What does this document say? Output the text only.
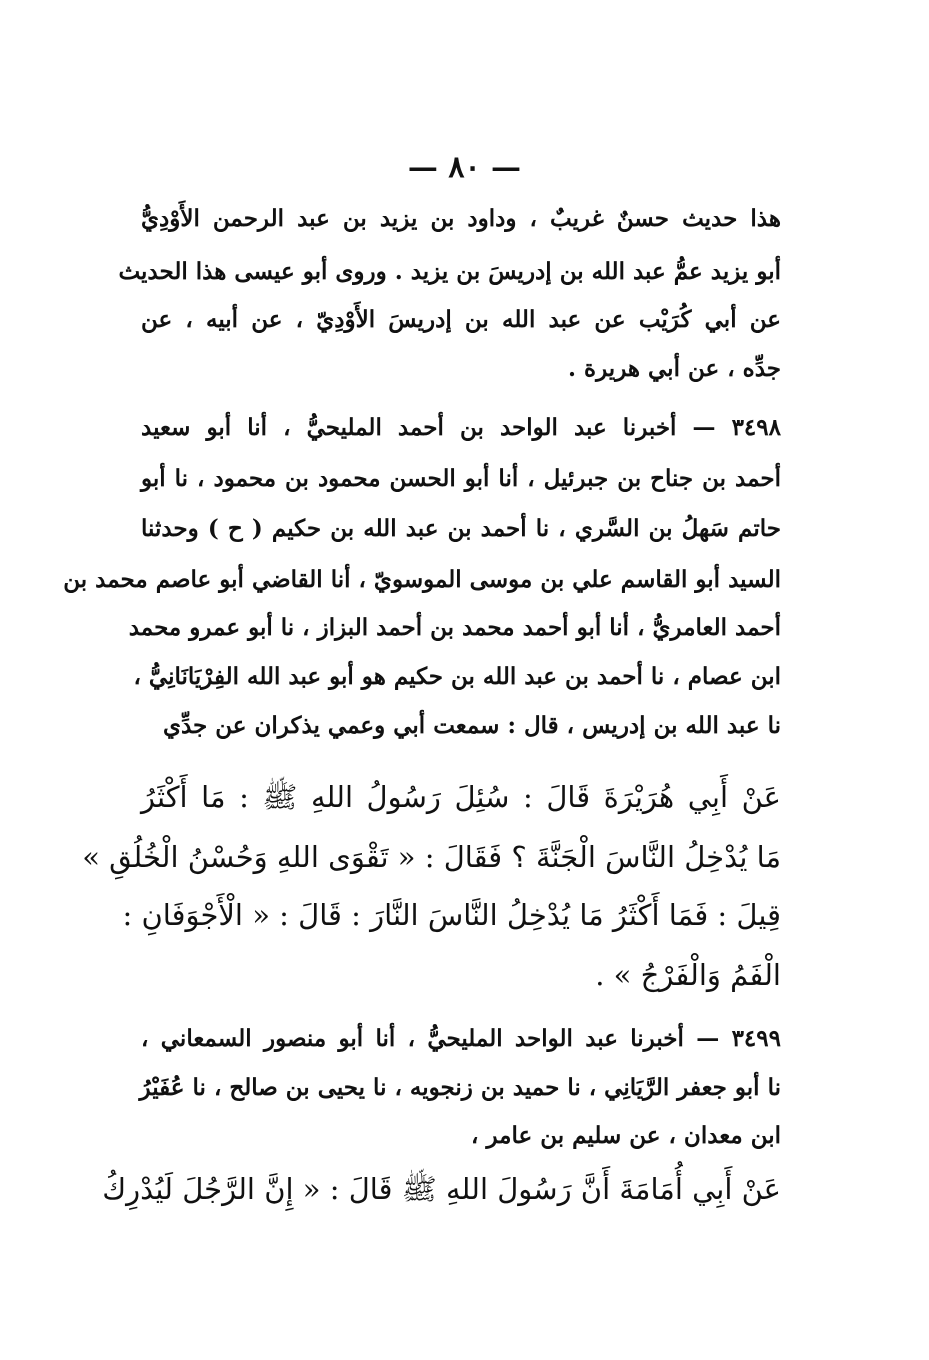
— ٨٠ —
هذا حديث حسنٌ غريبٌ ، وداود بن يزيد بن عبد الرحمن الأَوْدِيُّ
أبو يزيد عمُّ عبد الله بن إدريسَ بن يزيد . وروى أبو عيسى هذا الحديث
عن أبي كُرَيْب عن عبد الله بن إدريسَ الأَوْدِيّ ، عن أبيه ، عن
جدِّه ، عن أبي هريرة .
٣٤٩٨ — أخبرنا عبد الواحد بن أحمد المليحيُّ ، أنا أبو سعيد
أحمد بن جناح بن جبرئيل ، أنا أبو الحسن محمود بن محمود ، نا أبو
حاتم سَهلُ بن السَّري ، نا أحمد بن عبد الله بن حكيم ( ح ) وحدثنا
السيد أبو القاسم علي بن موسى الموسويّ ، أنا القاضي أبو عاصم محمد بن
أحمد العامريُّ ، أنا أبو أحمد محمد بن أحمد البزاز ، نا أبو عمرو محمد
ابن عصام ، نا أحمد بن عبد الله بن حكيم هو أبو عبد الله الفِرْيَانَانِيُّ ،
نا عبد الله بن إدريس ، قال : سمعت أبي وعمي يذكران عن جدِّي
عَنْ أَبِي هُرَيْرَةَ قَالَ : سُئِلَ رَسُولُ اللهِ ﷺ : مَا أَكْثَرُ
مَا يُدْخِلُ النَّاسَ الْجَنَّةَ ؟ فَقَالَ : « تَقْوَى اللهِ وَحُسْنُ الْخُلُقِ »
قِيلَ : فَمَا أَكْثَرُ مَا يُدْخِلُ النَّاسَ النَّارَ : قَالَ : « الْأَجْوَفَانِ :
الْفَمُ وَالْفَرْجُ » .
٣٤٩٩ — أخبرنا عبد الواحد المليحيُّ ، أنا أبو منصور السمعاني ،
نا أبو جعفر الرَّيَانِي ، نا حميد بن زنجويه ، نا يحيى بن صالح ، نا عُفَيْرُ
ابن معدان ، عن سليم بن عامر ،
عَنْ أَبِي أُمَامَةَ أَنَّ رَسُولَ اللهِ ﷺ قَالَ : « إِنَّ الرَّجُلَ لَيُدْرِكُ
